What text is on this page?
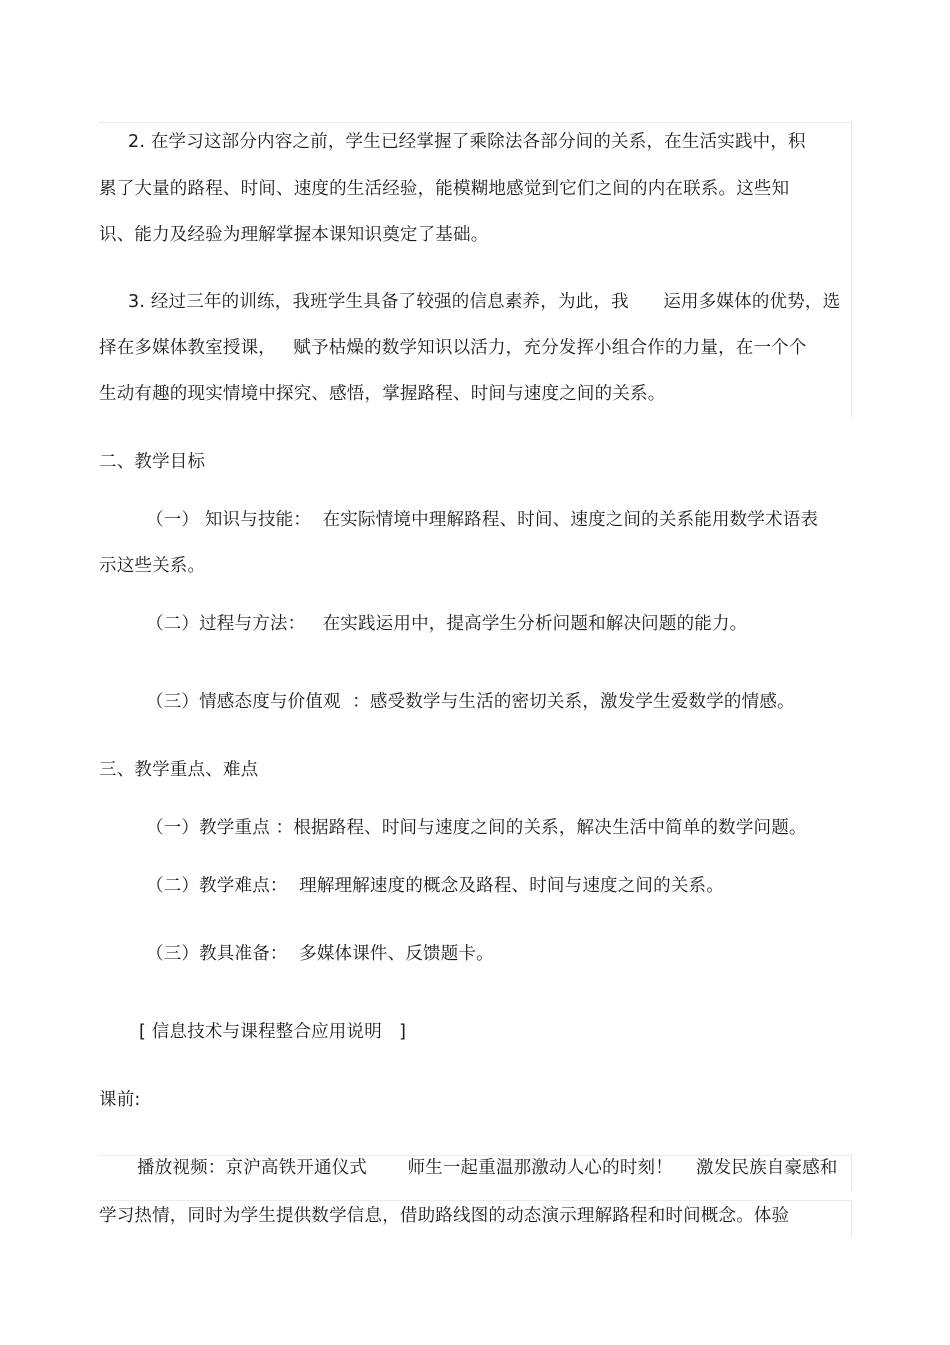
2. 在学习这部分内容之前，学生已经掌握了乘除法各部分间的关系，在生活实践中，积
累了大量的路程、时间、速度的生活经验，能模糊地感觉到它们之间的内在联系。这些知
识、能力及经验为理解掌握本课知识奠定了基础。
3. 经过三年的训练，我班学生具备了较强的信息素养，为此，我      运用多媒体的优势，选
择在多媒体教室授课，   赋予枯燥的数学知识以活力，充分发挥小组合作的力量，在一个个
生动有趣的现实情境中探究、感悟，掌握路程、时间与速度之间的关系。
二、教学目标
（一） 知识与技能：  在实际情境中理解路程、时间、速度之间的关系能用数学术语表
示这些关系。
（二）过程与方法：   在实践运用中，提高学生分析问题和解决问题的能力。
（三）情感态度与价值观  ：感受数学与生活的密切关系，激发学生爱数学的情感。
三、教学重点、难点
（一）教学重点 ：根据路程、时间与速度之间的关系，解决生活中简单的数学问题。
（二）教学难点：  理解理解速度的概念及路程、时间与速度之间的关系。
（三）教具准备：  多媒体课件、反馈题卡。
[ 信息技术与课程整合应用说明   ]
课前:
播放视频：京沪高铁开通仪式       师生一起重温那激动人心的时刻！    激发民族自豪感和
学习热情，同时为学生提供数学信息，借助路线图的动态演示理解路程和时间概念。体验
